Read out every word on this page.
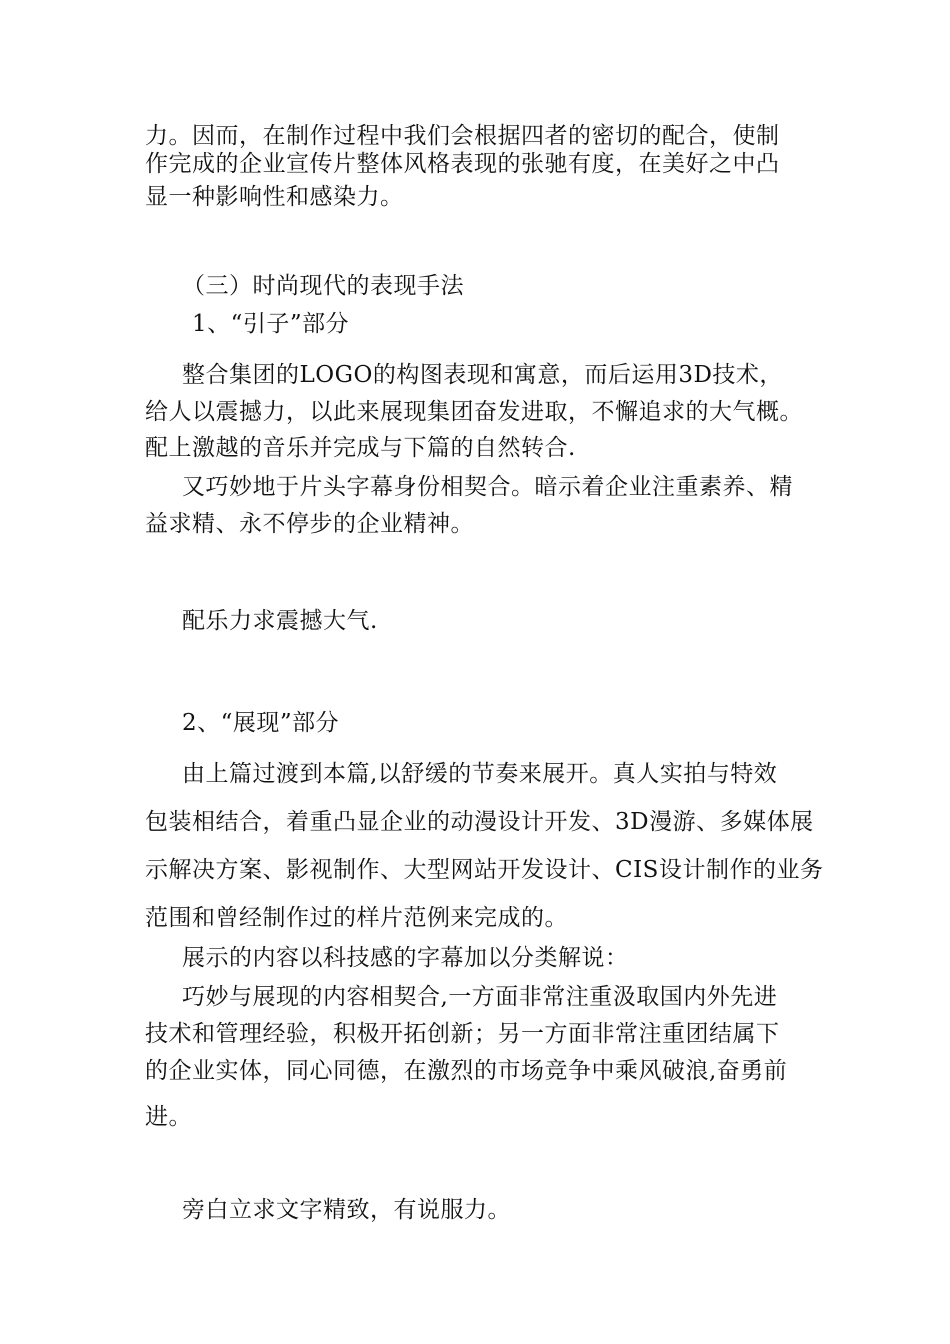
力。因而，在制作过程中我们会根据四者的密切的配合，使制
作完成的企业宣传片整体风格表现的张驰有度，在美好之中凸
显一种影响性和感染力。
（三）时尚现代的表现手法
1、“引子”部分
整合集团的LOGO的构图表现和寓意，而后运用3D技术，
给人以震撼力，以此来展现集团奋发进取，不懈追求的大气概。
配上激越的音乐并完成与下篇的自然转合.
又巧妙地于片头字幕身份相契合。暗示着企业注重素养、精
益求精、永不停步的企业精神。
配乐力求震撼大气.
2、“展现”部分
由上篇过渡到本篇,以舒缓的节奏来展开。真人实拍与特效
包装相结合，着重凸显企业的动漫设计开发、3D漫游、多媒体展
示解决方案、影视制作、大型网站开发设计、CIS设计制作的业务
范围和曾经制作过的样片范例来完成的。
展示的内容以科技感的字幕加以分类解说：
巧妙与展现的内容相契合,一方面非常注重汲取国内外先进
技术和管理经验，积极开拓创新；另一方面非常注重团结属下
的企业实体，同心同德，在激烈的市场竞争中乘风破浪,奋勇前
进。
旁白立求文字精致，有说服力。
